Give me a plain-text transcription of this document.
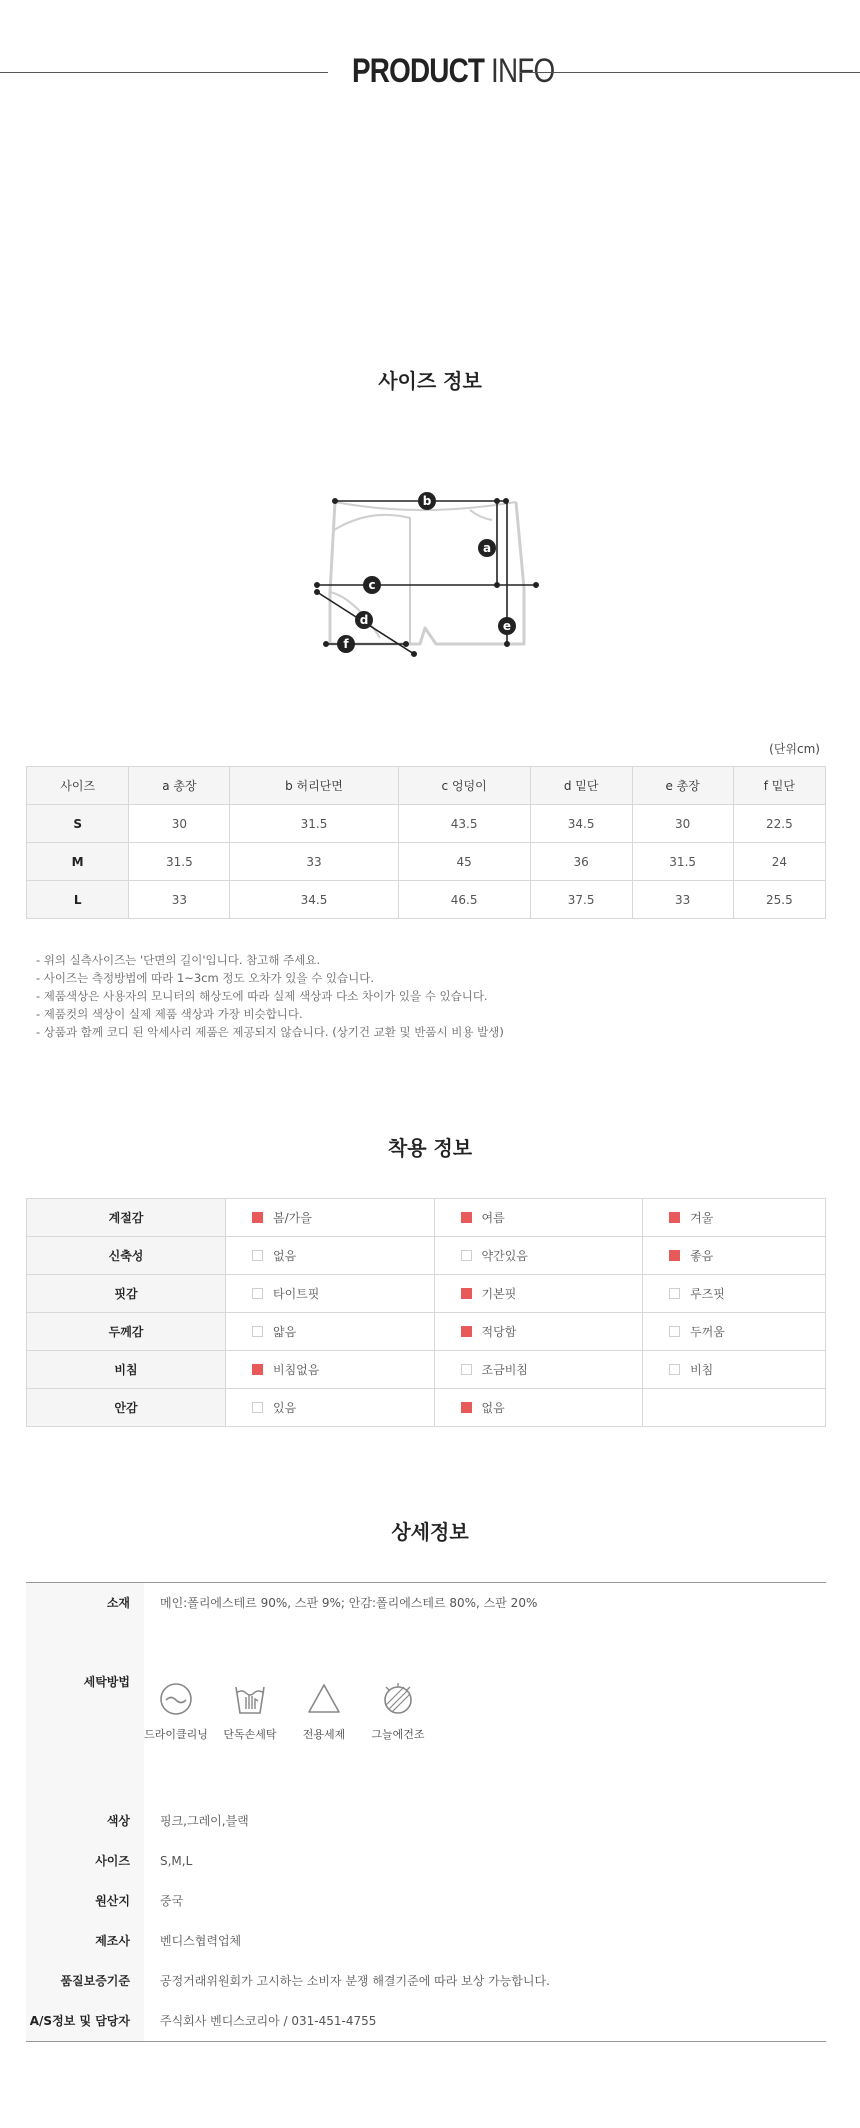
PRODUCT INFO
사이즈 정보
b
a
c
d	e
f
(단위cm)
사이즈	a 총장	b 허리단면	c 엉덩이	d 밑단	e 총장	f 밑단
S	30	31.5	43.5	34.5	30	22.5
M	31.5	33	45	36	31.5	24
L	33	34.5	46.5	37.5	33	25.5
- 위의 실측사이즈는 '단면의 길이'입니다. 참고해 주세요.
- 사이즈는 측정방법에 따라 1~3cm 정도 오차가 있을 수 있습니다.
- 제품색상은 사용자의 모니터의 해상도에 따라 실제 색상과 다소 차이가 있을 수 있습니다.
- 제품컷의 색상이 실제 제품 색상과 가장 비슷합니다.
- 상품과 함께 코디 된 악세사리 제품은 제공되지 않습니다. (상기건 교환 및 반품시 비용 발생)
착용 정보
계절감	봄/가을	여름	겨울
신축성	없음	약간있음	좋음
핏감	타이트핏	기본핏	루즈핏
두께감	얇음	적당함	두꺼움
비침	비침없음	조금비침	비침
안감	있음	없음	
상세정보
소재	메인:폴리에스테르 90%, 스판 9%; 안감:폴리에스테르 80%, 스판 20%
세탁방법
드라이클리닝	단독손세탁	전용세제	그늘에건조
색상	핑크,그레이,블랙
사이즈	S,M,L
원산지	중국
제조사	벤디스협력업체
품질보증기준	공정거래위원회가 고시하는 소비자 분쟁 해결기준에 따라 보상 가능합니다.
A/S정보 및 담당자	주식회사 벤디스코리아 / 031-451-4755
